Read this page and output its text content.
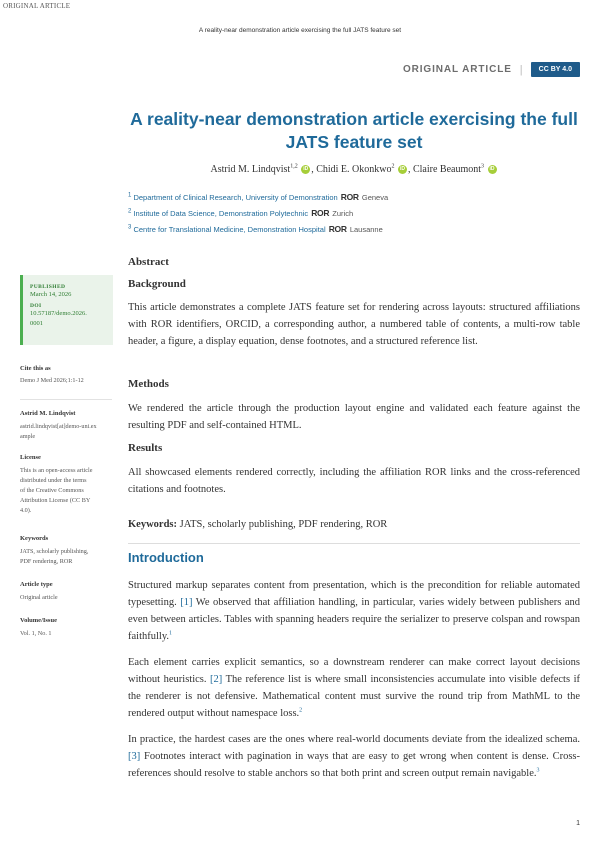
ORIGINAL ARTICLE
A reality-near demonstration article exercising the full JATS feature set
ORIGINAL ARTICLE |	CC BY 4.0
A reality-near demonstration article exercising the full JATS feature set
Astrid M. Lindqvist$^{1,2}$ iD , Chidi E. Okonkwo$^2$ iD , Claire Beaumont$^3$ iD
$^1$ Department of Clinical Research, University of Demonstration ROR Geneva
$^2$ Institute of Data Science, Demonstration Polytechnic ROR Zurich
$^3$ Centre for Translational Medicine, Demonstration Hospital ROR Lausanne
PUBLISHED
March 14, 2026
DOI
10.57187/demo.2026.
0001
Cite this as
Demo J Med 2026;1:1-12
Astrid M. Lindqvist
astrid.lindqvist[at]demo-uni.ex
ample
License
This is an open-access article
distributed under the terms
of the Creative Commons
Attribution License (CC BY
4.0).
Keywords
JATS, scholarly publishing,
PDF rendering, ROR
Article type
Original article
Volume/Issue
Vol. 1, No. 1
Abstract
Background
This article demonstrates a complete JATS feature set for rendering across layouts: structured affiliations with ROR identifiers, ORCID, a corresponding author, a numbered table of contents, a multi-row table header, a figure, a display equation, dense footnotes, and a structured reference list.
Methods
We rendered the article through the production layout engine and validated each feature against the resulting PDF and self-contained HTML.
Results
All showcased elements rendered correctly, including the affiliation ROR links and the cross-referenced citations and footnotes.
Keywords: JATS, scholarly publishing, PDF rendering, ROR
Introduction
Structured markup separates content from presentation, which is the precondition for reliable automated typesetting. [1] We observed that affiliation handling, in particular, varies widely between publishers and even between articles. Tables with spanning headers require the serializer to preserve colspan and rowspan faithfully.$^1$
Each element carries explicit semantics, so a downstream renderer can make correct layout decisions without heuristics. [2] The reference list is where small inconsistencies accumulate into visible defects if the renderer is not defensive. Mathematical content must survive the round trip from MathML to the rendered output without namespace loss.$^2$
In practice, the hardest cases are the ones where real-world documents deviate from the idealized schema. [3] Footnotes interact with pagination in ways that are easy to get wrong when content is dense. Cross-references should resolve to stable anchors so that both print and screen output remain navigable.$^3$
1
